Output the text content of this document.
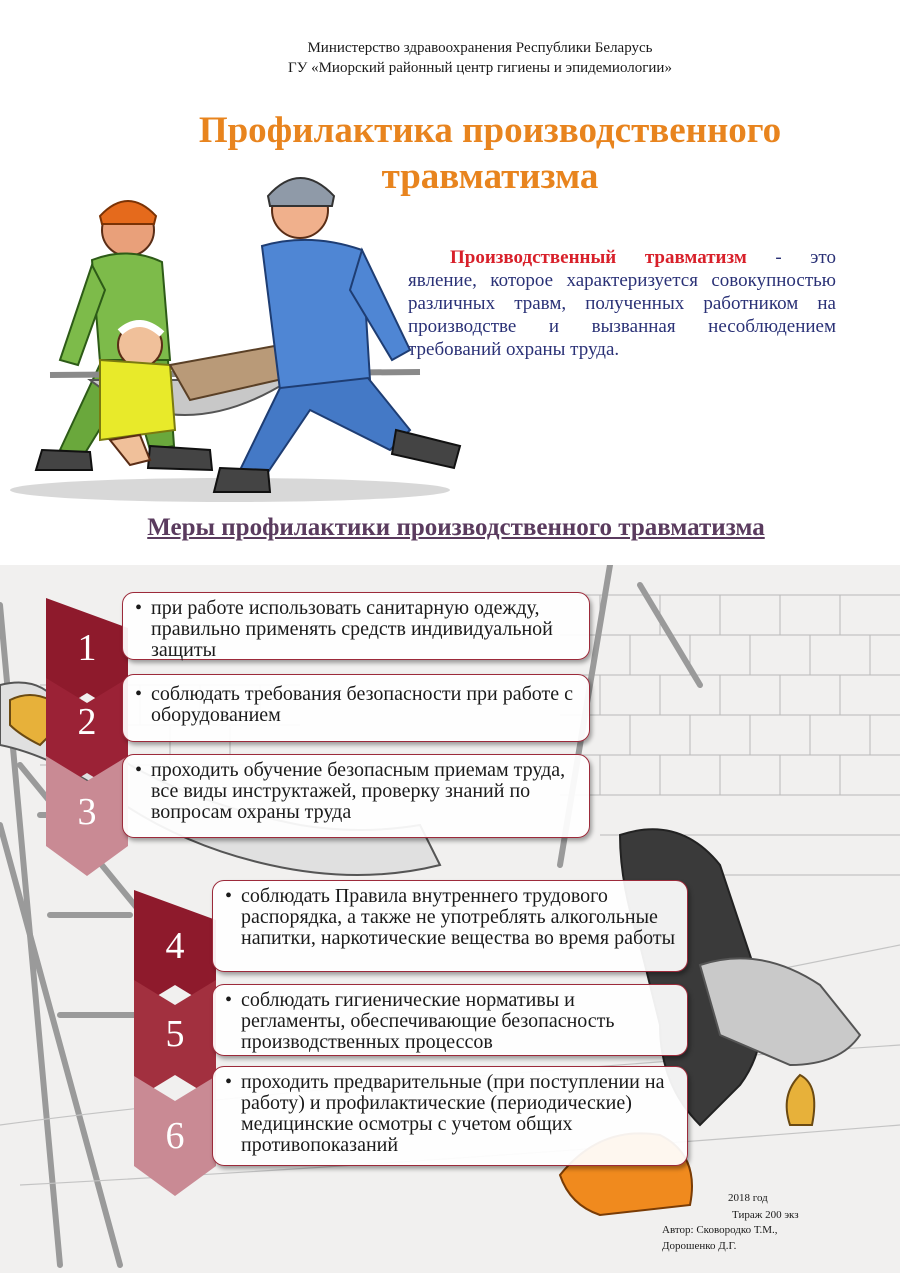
Министерство здравоохранения Республики Беларусь
ГУ «Миорский районный центр гигиены и эпидемиологии»
Профилактика производственного
травматизма
Производственный травматизм - это явление, которое характеризуется совокупностью различных травм, полученных работником на производстве и вызванная несоблюдением требований охраны труда.
Меры профилактики производственного травматизма
1
• при работе использовать санитарную одежду, правильно применять средств индивидуальной защиты
2
• соблюдать требования безопасности при работе с оборудованием
3
• проходить обучение безопасным приемам труда, все виды инструктажей, проверку знаний по вопросам охраны труда
4
• соблюдать Правила внутреннего трудового распорядка, а также не употреблять алкогольные напитки, наркотические вещества во время работы
5
• соблюдать гигиенические нормативы и регламенты, обеспечивающие безопасность производственных процессов
6
• проходить предварительные (при поступлении на работу) и профилактические (периодические) медицинские осмотры с учетом общих противопоказаний
2018 год
Тираж 200 экз
Автор: Сковородко Т.М.,
Дорошенко Д.Г.
